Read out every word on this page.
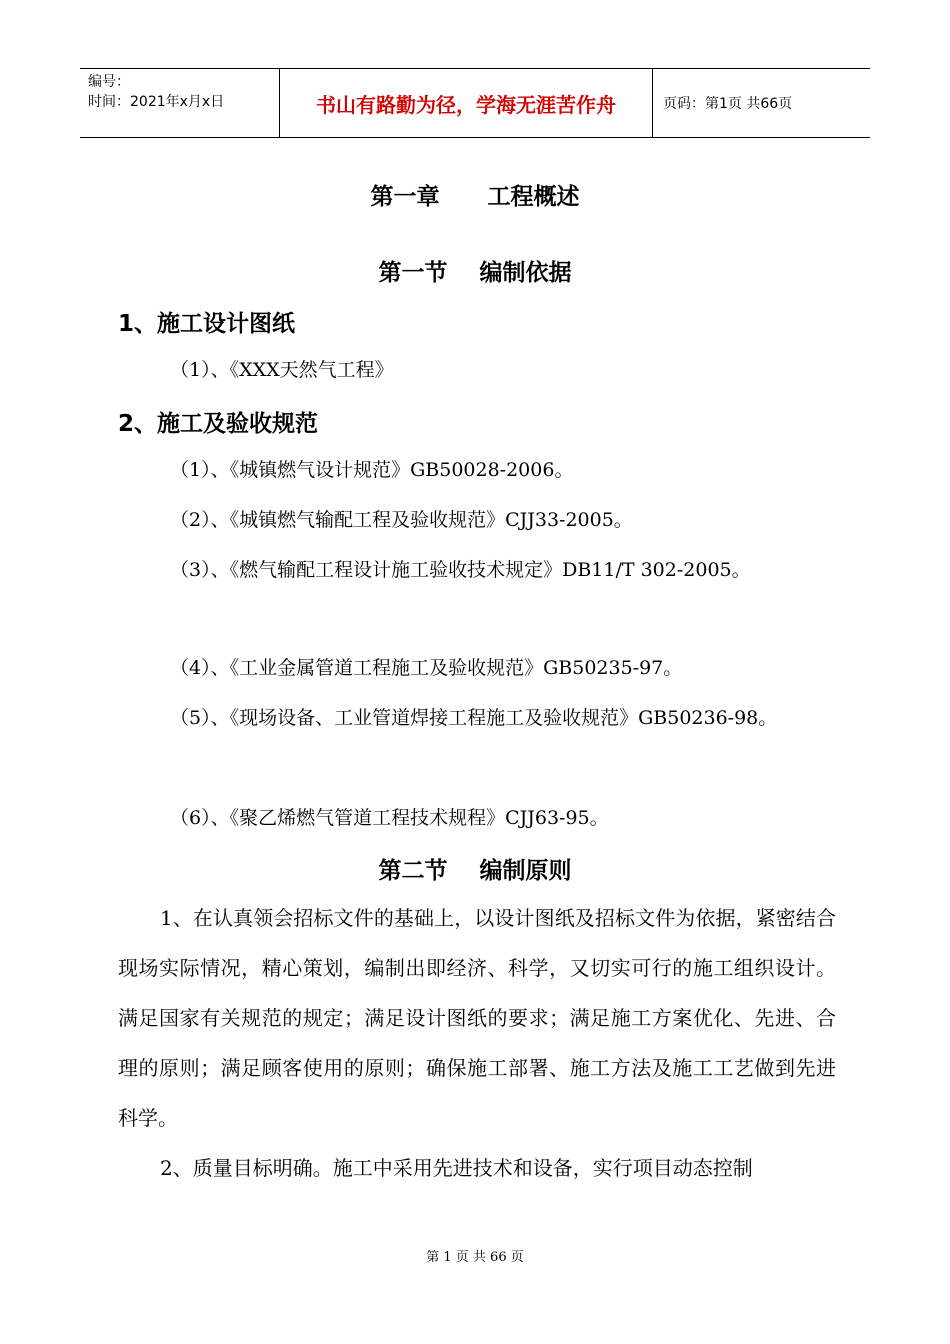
编号：
时间：2021年x月x日	书山有路勤为径，学海无涯苦作舟	页码：第1页 共66页
第一章      工程概述
第一节    编制依据
1、施工设计图纸
（1）、《XXX天然气工程》
2、施工及验收规范
（1）、《城镇燃气设计规范》GB50028-2006。
（2）、《城镇燃气输配工程及验收规范》CJJ33-2005。
（3）、《燃气输配工程设计施工验收技术规定》DB11/T 302-2005。
（4）、《工业金属管道工程施工及验收规范》GB50235-97。
（5）、《现场设备、工业管道焊接工程施工及验收规范》GB50236-98。
（6）、《聚乙烯燃气管道工程技术规程》CJJ63-95。
第二节    编制原则
1、在认真领会招标文件的基础上，以设计图纸及招标文件为依据，紧密结合现场实际情况，精心策划，编制出即经济、科学，又切实可行的施工组织设计。满足国家有关规范的规定；满足设计图纸的要求；满足施工方案优化、先进、合理的原则；满足顾客使用的原则；确保施工部署、施工方法及施工工艺做到先进科学。
2、质量目标明确。施工中采用先进技术和设备，实行项目动态控制
第 1 页 共 66 页
